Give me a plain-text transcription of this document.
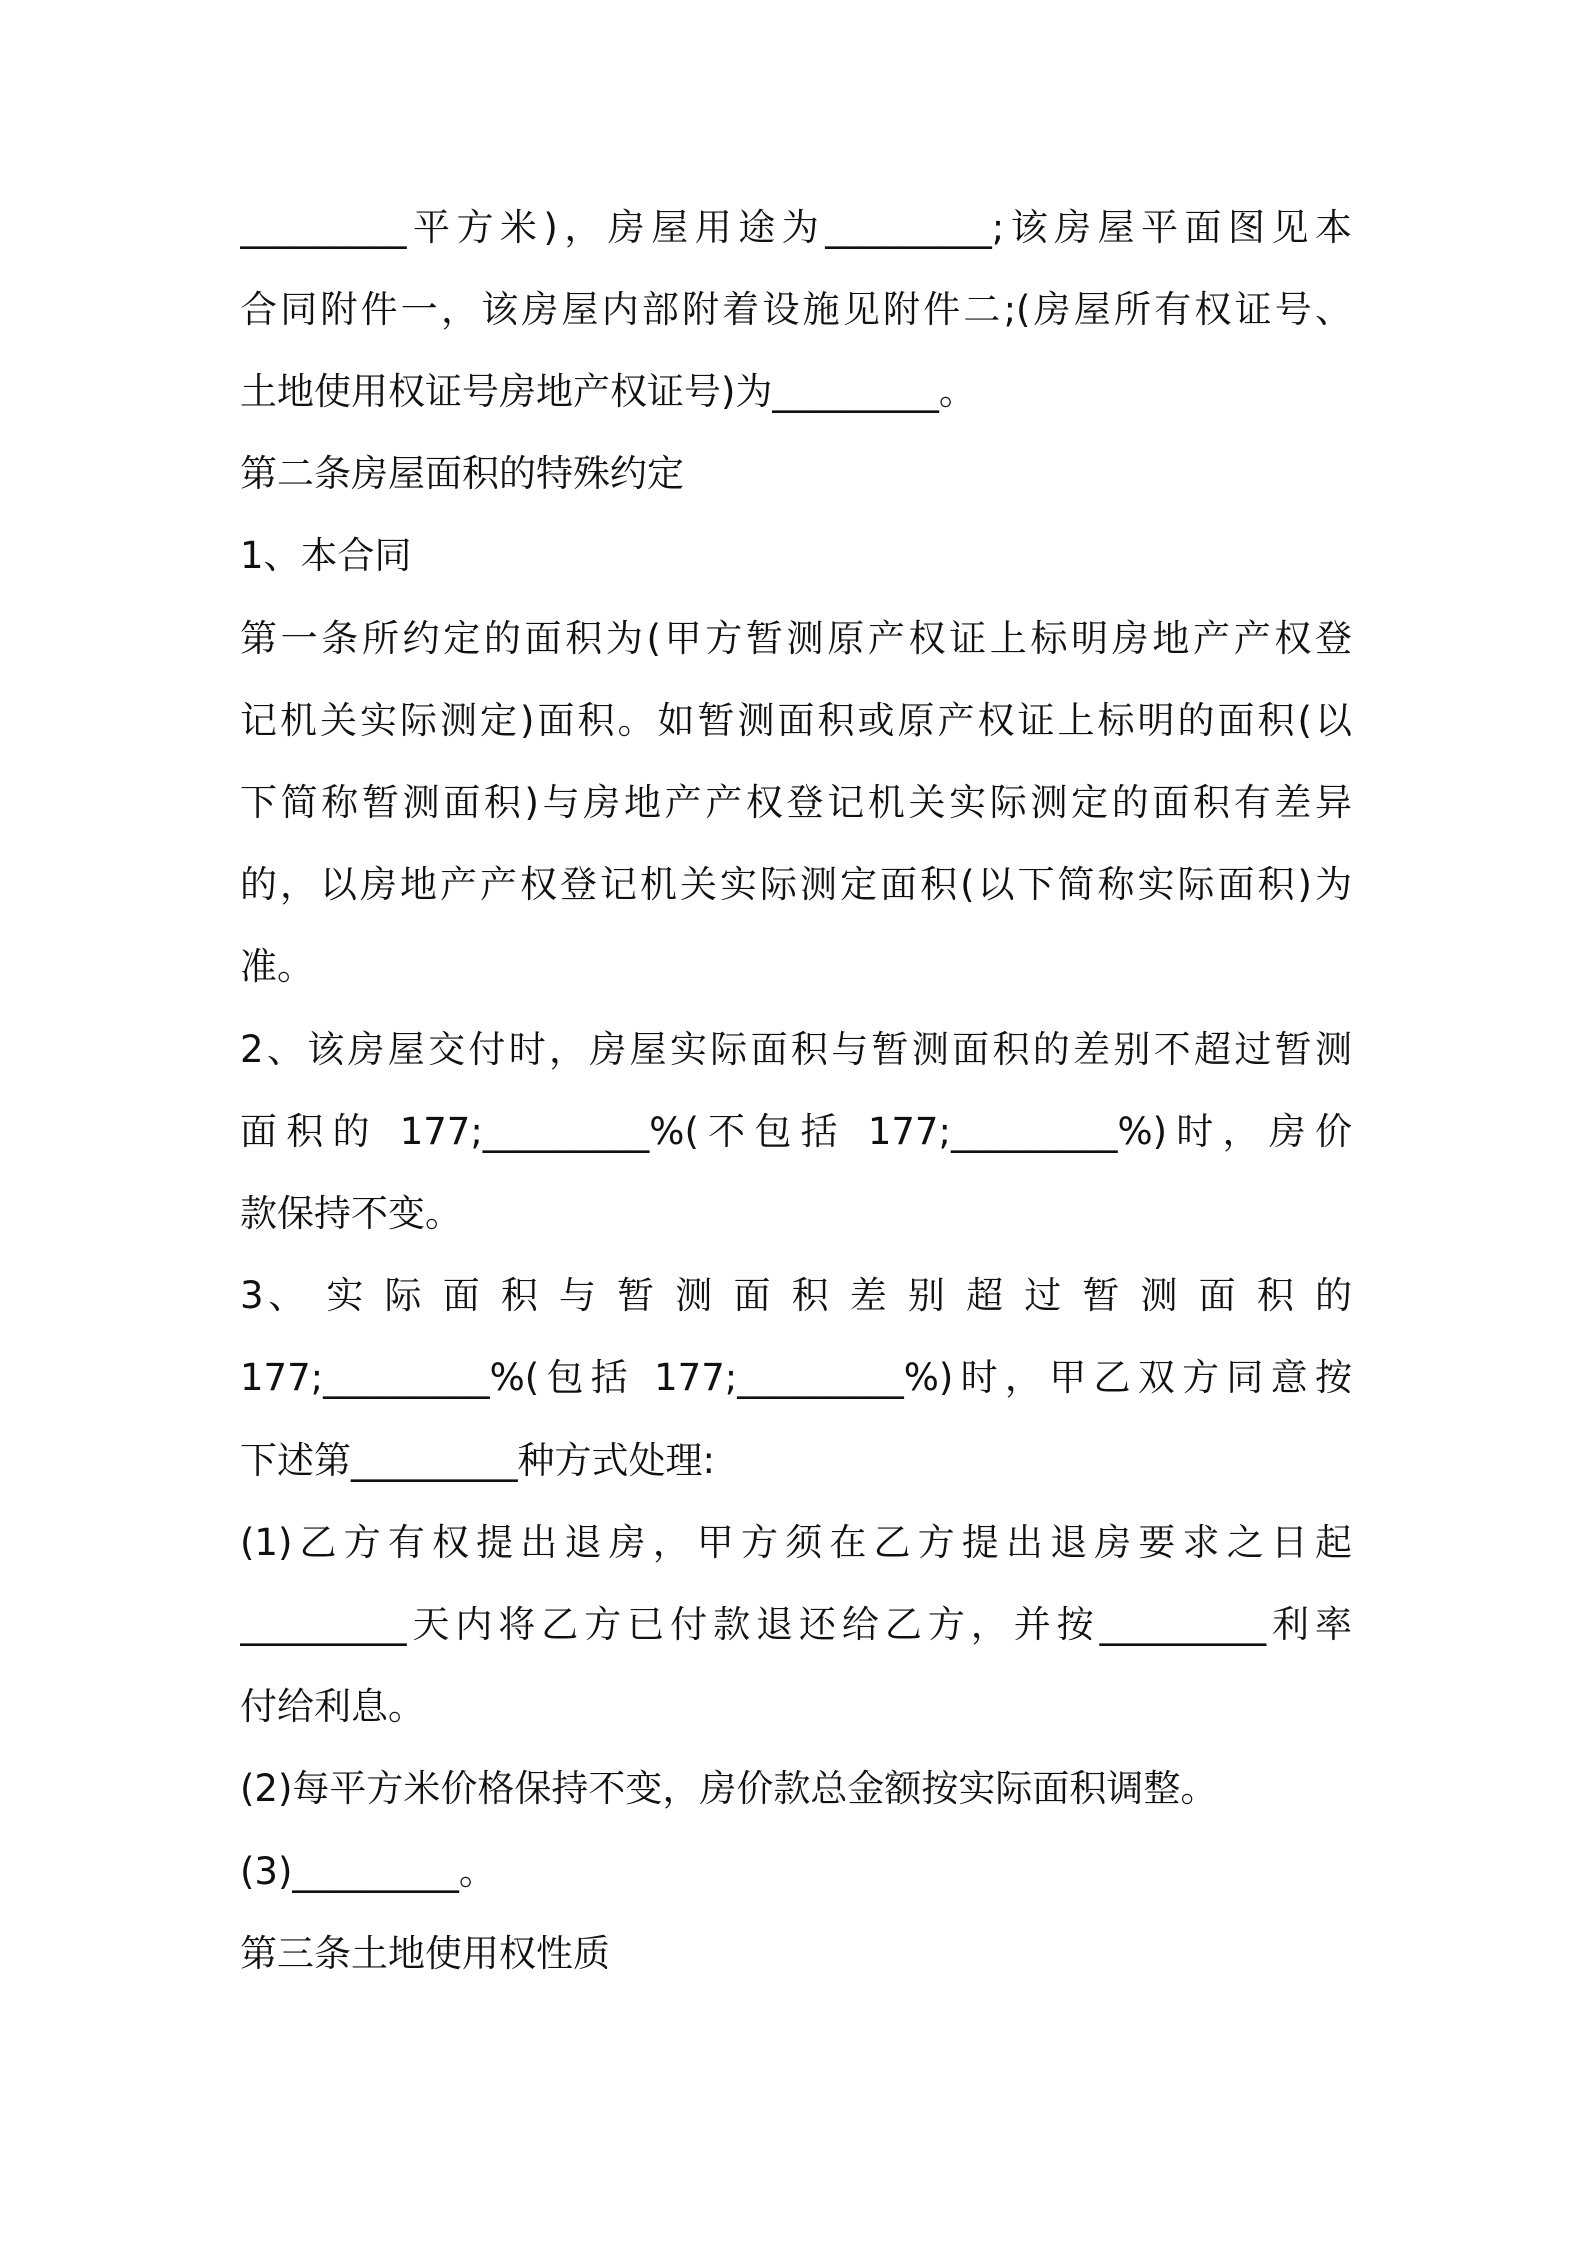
_________平方米)，房屋用途为_________;该房屋平面图见本
合同附件一，该房屋内部附着设施见附件二;(房屋所有权证号、
土地使用权证号房地产权证号)为_________。
第二条房屋面积的特殊约定
1、本合同
第一条所约定的面积为(甲方暂测原产权证上标明房地产产权登
记机关实际测定)面积。如暂测面积或原产权证上标明的面积(以
下简称暂测面积)与房地产产权登记机关实际测定的面积有差异
的，以房地产产权登记机关实际测定面积(以下简称实际面积)为
准。
2、该房屋交付时，房屋实际面积与暂测面积的差别不超过暂测
面积的 177;_________%(不包括 177;_________%)时，房价
款保持不变。
3、 实 际 面 积 与 暂 测 面 积 差 别 超 过 暂 测 面 积 的
177;_________%(包括 177;_________%)时，甲乙双方同意按
下述第_________种方式处理:
(1)乙方有权提出退房，甲方须在乙方提出退房要求之日起
_________天内将乙方已付款退还给乙方，并按_________利率
付给利息。
(2)每平方米价格保持不变，房价款总金额按实际面积调整。
(3)_________。
第三条土地使用权性质
